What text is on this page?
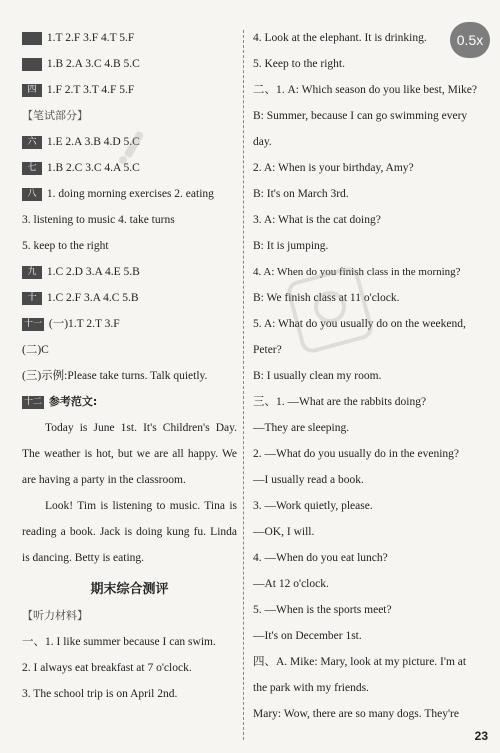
1.T 2.F 3.F 4.T 5.F
1.B 2.A 3.C 4.B 5.C
四 1.F 2.T 3.T 4.F 5.F
【笔试部分】
六 1.E 2.A 3.B 4.D 5.C
七 1.B 2.C 3.C 4.A 5.C
八 1. doing morning exercises 2. eating
3. listening to music 4. take turns
5. keep to the right
九 1.C 2.D 3.A 4.E 5.B
十 1.C 2.F 3.A 4.C 5.B
十一 (一)1.T 2.T 3.F
(二)C
(三)示例:Please take turns. Talk quietly.
十二 参考范文:
Today is June 1st. It's Children's Day. The weather is hot, but we are all happy. We are having a party in the classroom.
Look! Tim is listening to music. Tina is reading a book. Jack is doing kung fu. Linda is dancing. Betty is eating.
期末综合测评
【听力材料】
一、1. I like summer because I can swim.
2. I always eat breakfast at 7 o'clock.
3. The school trip is on April 2nd.
4. Look at the elephant. It is drinking.
5. Keep to the right.
二、1. A: Which season do you like best, Mike?
B: Summer, because I can go swimming every day.
2. A: When is your birthday, Amy?
B: It's on March 3rd.
3. A: What is the cat doing?
B: It is jumping.
4. A: When do you finish class in the morning?
B: We finish class at 11 o'clock.
5. A: What do you usually do on the weekend, Peter?
B: I usually clean my room.
三、1. —What are the rabbits doing?
—They are sleeping.
2. —What do you usually do in the evening?
—I usually read a book.
3. —Work quietly, please.
—OK, I will.
4. —When do you eat lunch?
—At 12 o'clock.
5. —When is the sports meet?
—It's on December 1st.
四、A. Mike: Mary, look at my picture. I'm at the park with my friends.
Mary: Wow, there are so many dogs. They're
0.5x
23
